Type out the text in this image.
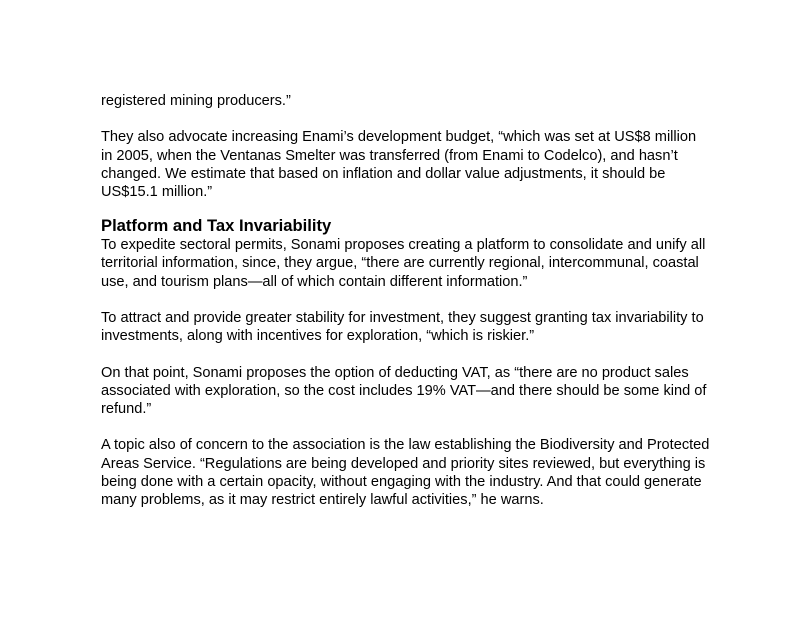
registered mining producers.”

They also advocate increasing Enami’s development budget, “which was set at US$8 million in 2005, when the Ventanas Smelter was transferred (from Enami to Codelco), and hasn’t changed. We estimate that based on inflation and dollar value adjustments, it should be US$15.1 million.”

Platform and Tax Invariability

To expedite sectoral permits, Sonami proposes creating a platform to consolidate and unify all territorial information, since, they argue, “there are currently regional, intercommunal, coastal use, and tourism plans—all of which contain different information.”

To attract and provide greater stability for investment, they suggest granting tax invariability to investments, along with incentives for exploration, “which is riskier.”

On that point, Sonami proposes the option of deducting VAT, as “there are no product sales associated with exploration, so the cost includes 19% VAT—and there should be some kind of refund.”

A topic also of concern to the association is the law establishing the Biodiversity and Protected Areas Service. “Regulations are being developed and priority sites reviewed, but everything is being done with a certain opacity, without engaging with the industry. And that could generate many problems, as it may restrict entirely lawful activities,” he warns.
